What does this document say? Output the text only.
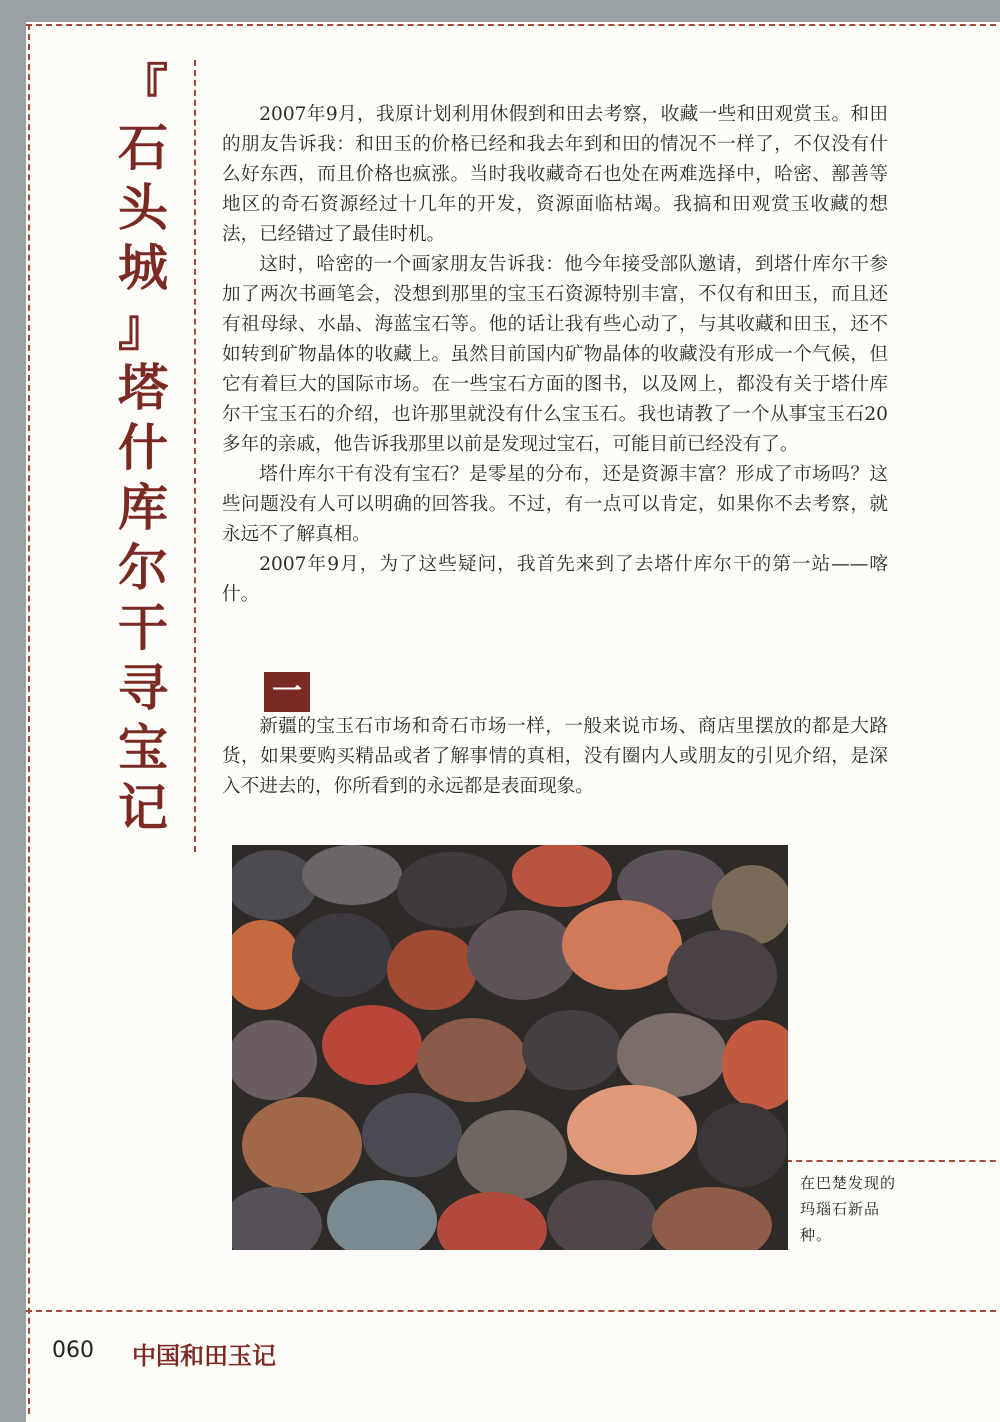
『
石
头
城
』
塔
什
库
尔
干
寻
宝
记

2007年9月，我原计划利用休假到和田去考察，收藏一些和田观赏玉。和田的朋友告诉我：和田玉的价格已经和我去年到和田的情况不一样了，不仅没有什么好东西，而且价格也疯涨。当时我收藏奇石也处在两难选择中，哈密、鄯善等地区的奇石资源经过十几年的开发，资源面临枯竭。我搞和田观赏玉收藏的想法，已经错过了最佳时机。

这时，哈密的一个画家朋友告诉我：他今年接受部队邀请，到塔什库尔干参加了两次书画笔会，没想到那里的宝玉石资源特别丰富，不仅有和田玉，而且还有祖母绿、水晶、海蓝宝石等。他的话让我有些心动了，与其收藏和田玉，还不如转到矿物晶体的收藏上。虽然目前国内矿物晶体的收藏没有形成一个气候，但它有着巨大的国际市场。在一些宝石方面的图书，以及网上，都没有关于塔什库尔干宝玉石的介绍，也许那里就没有什么宝玉石。我也请教了一个从事宝玉石20多年的亲戚，他告诉我那里以前是发现过宝石，可能目前已经没有了。

塔什库尔干有没有宝石？是零星的分布，还是资源丰富？形成了市场吗？这些问题没有人可以明确的回答我。不过，有一点可以肯定，如果你不去考察，就永远不了解真相。

2007年9月，为了这些疑问，我首先来到了去塔什库尔干的第一站——喀什。

一

新疆的宝玉石市场和奇石市场一样，一般来说市场、商店里摆放的都是大路货，如果要购买精品或者了解事情的真相，没有圈内人或朋友的引见介绍，是深入不进去的，你所看到的永远都是表面现象。

在巴楚发现的玛瑙石新品种。
060 中国和田玉记
